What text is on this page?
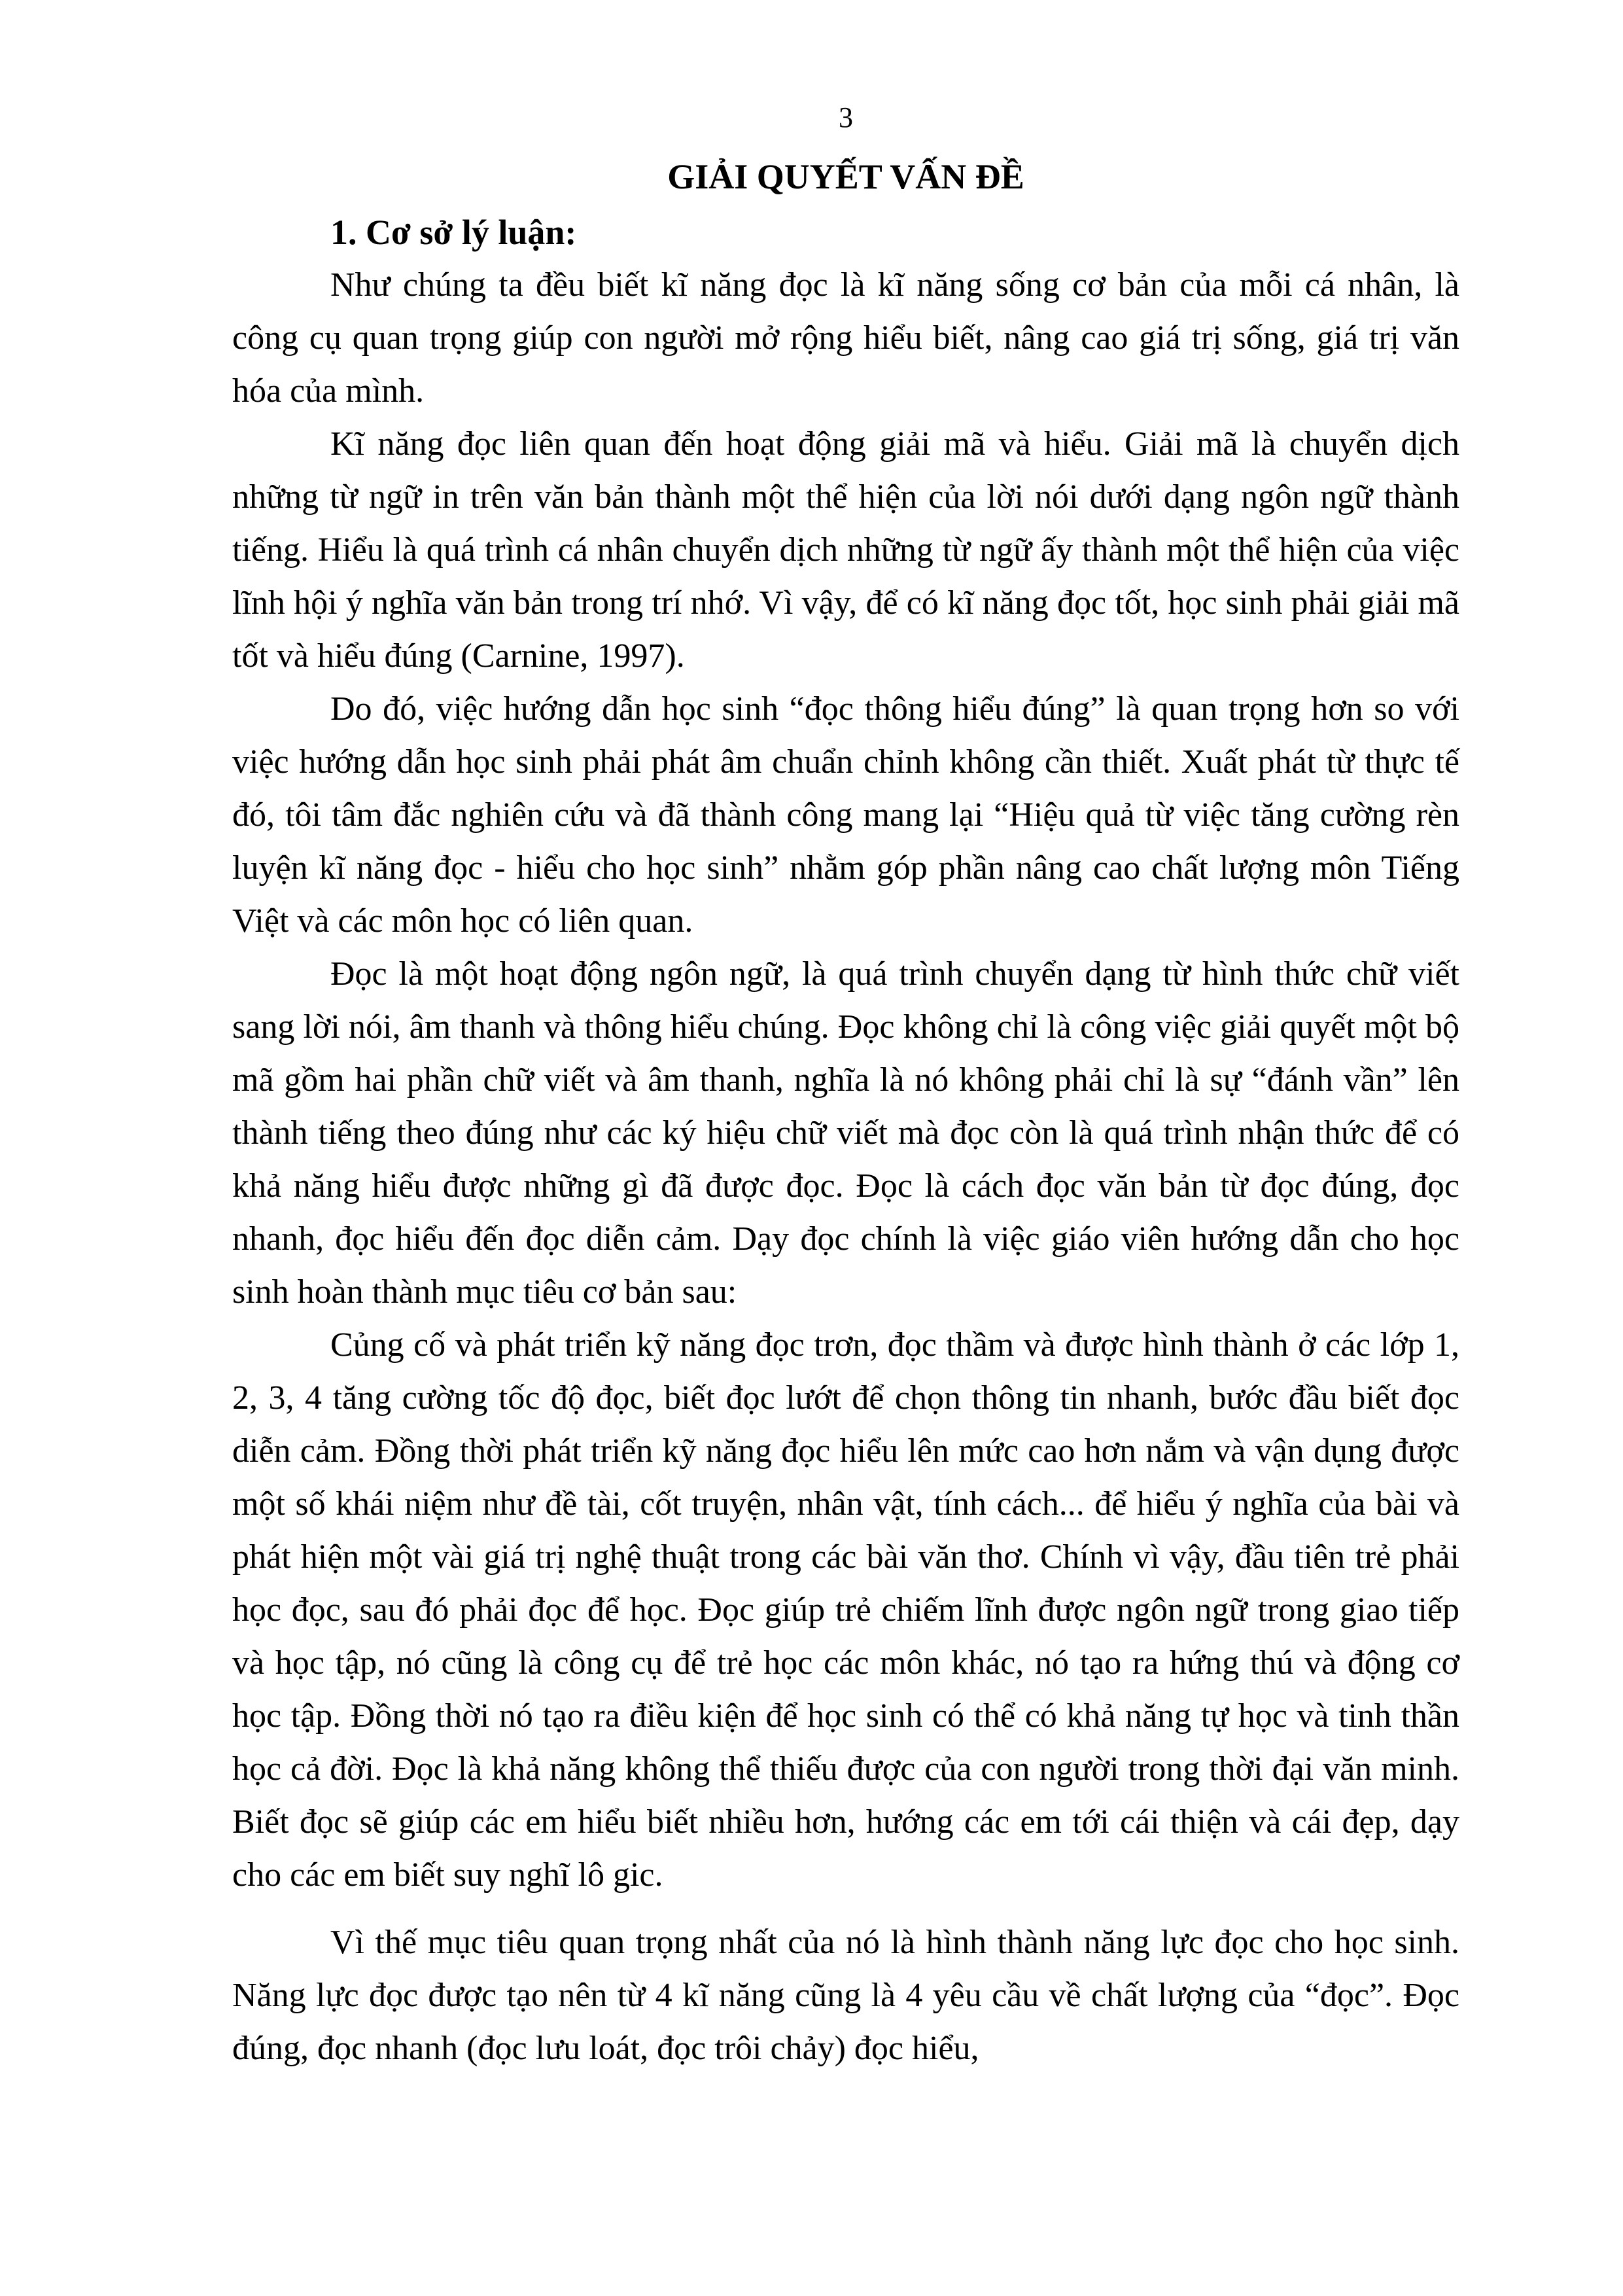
3
GIẢI QUYẾT VẤN ĐỀ
1. Cơ sở lý luận:

Như chúng ta đều biết kĩ năng đọc là kĩ năng sống cơ bản của mỗi cá nhân, là công cụ quan trọng giúp con người mở rộng hiểu biết, nâng cao giá trị sống, giá trị văn hóa của mình.

Kĩ năng đọc liên quan đến hoạt động giải mã và hiểu. Giải mã là chuyển dịch những từ ngữ in trên văn bản thành một thể hiện của lời nói dưới dạng ngôn ngữ thành tiếng. Hiểu là quá trình cá nhân chuyển dịch những từ ngữ ấy thành một thể hiện của việc lĩnh hội ý nghĩa văn bản trong trí nhớ. Vì vậy, để có kĩ năng đọc tốt, học sinh phải giải mã tốt và hiểu đúng (Carnine, 1997).

Do đó, việc hướng dẫn học sinh “đọc thông hiểu đúng” là quan trọng hơn so với việc hướng dẫn học sinh phải phát âm chuẩn chỉnh không cần thiết. Xuất phát từ thực tế đó, tôi tâm đắc nghiên cứu và đã thành công mang lại “Hiệu quả từ việc tăng cường rèn luyện kĩ năng đọc - hiểu cho học sinh” nhằm góp phần nâng cao chất lượng môn Tiếng Việt và các môn học có liên quan.

Đọc là một hoạt động ngôn ngữ, là quá trình chuyển dạng từ hình thức chữ viết sang lời nói, âm thanh và thông hiểu chúng. Đọc không chỉ là công việc giải quyết một bộ mã gồm hai phần chữ viết và âm thanh, nghĩa là nó không phải chỉ là sự “đánh vần” lên thành tiếng theo đúng như các ký hiệu chữ viết mà đọc còn là quá trình nhận thức để có khả năng hiểu được những gì đã được đọc. Đọc là cách đọc văn bản từ đọc đúng, đọc nhanh, đọc hiểu đến đọc diễn cảm. Dạy đọc chính là việc giáo viên hướng dẫn cho học sinh hoàn thành mục tiêu cơ bản sau:

Củng cố và phát triển kỹ năng đọc trơn, đọc thầm và được hình thành ở các lớp 1, 2, 3, 4 tăng cường tốc độ đọc, biết đọc lướt để chọn thông tin nhanh, bước đầu biết đọc diễn cảm. Đồng thời phát triển kỹ năng đọc hiểu lên mức cao hơn nắm và vận dụng được một số khái niệm như đề tài, cốt truyện, nhân vật, tính cách... để hiểu ý nghĩa của bài và phát hiện một vài giá trị nghệ thuật trong các bài văn thơ. Chính vì vậy, đầu tiên trẻ phải học đọc, sau đó phải đọc để học. Đọc giúp trẻ chiếm lĩnh được ngôn ngữ trong giao tiếp và học tập, nó cũng là công cụ để trẻ học các môn khác, nó tạo ra hứng thú và động cơ học tập. Đồng thời nó tạo ra điều kiện để học sinh có thể có khả năng tự học và tinh thần học cả đời. Đọc là khả năng không thể thiếu được của con người trong thời đại văn minh. Biết đọc sẽ giúp các em hiểu biết nhiều hơn, hướng các em tới cái thiện và cái đẹp, dạy cho các em biết suy nghĩ lô gic.

Vì thế mục tiêu quan trọng nhất của nó là hình thành năng lực đọc cho học sinh. Năng lực đọc được tạo nên từ 4 kĩ năng cũng là 4 yêu cầu về chất lượng của “đọc”. Đọc đúng, đọc nhanh (đọc lưu loát, đọc trôi chảy) đọc hiểu,
